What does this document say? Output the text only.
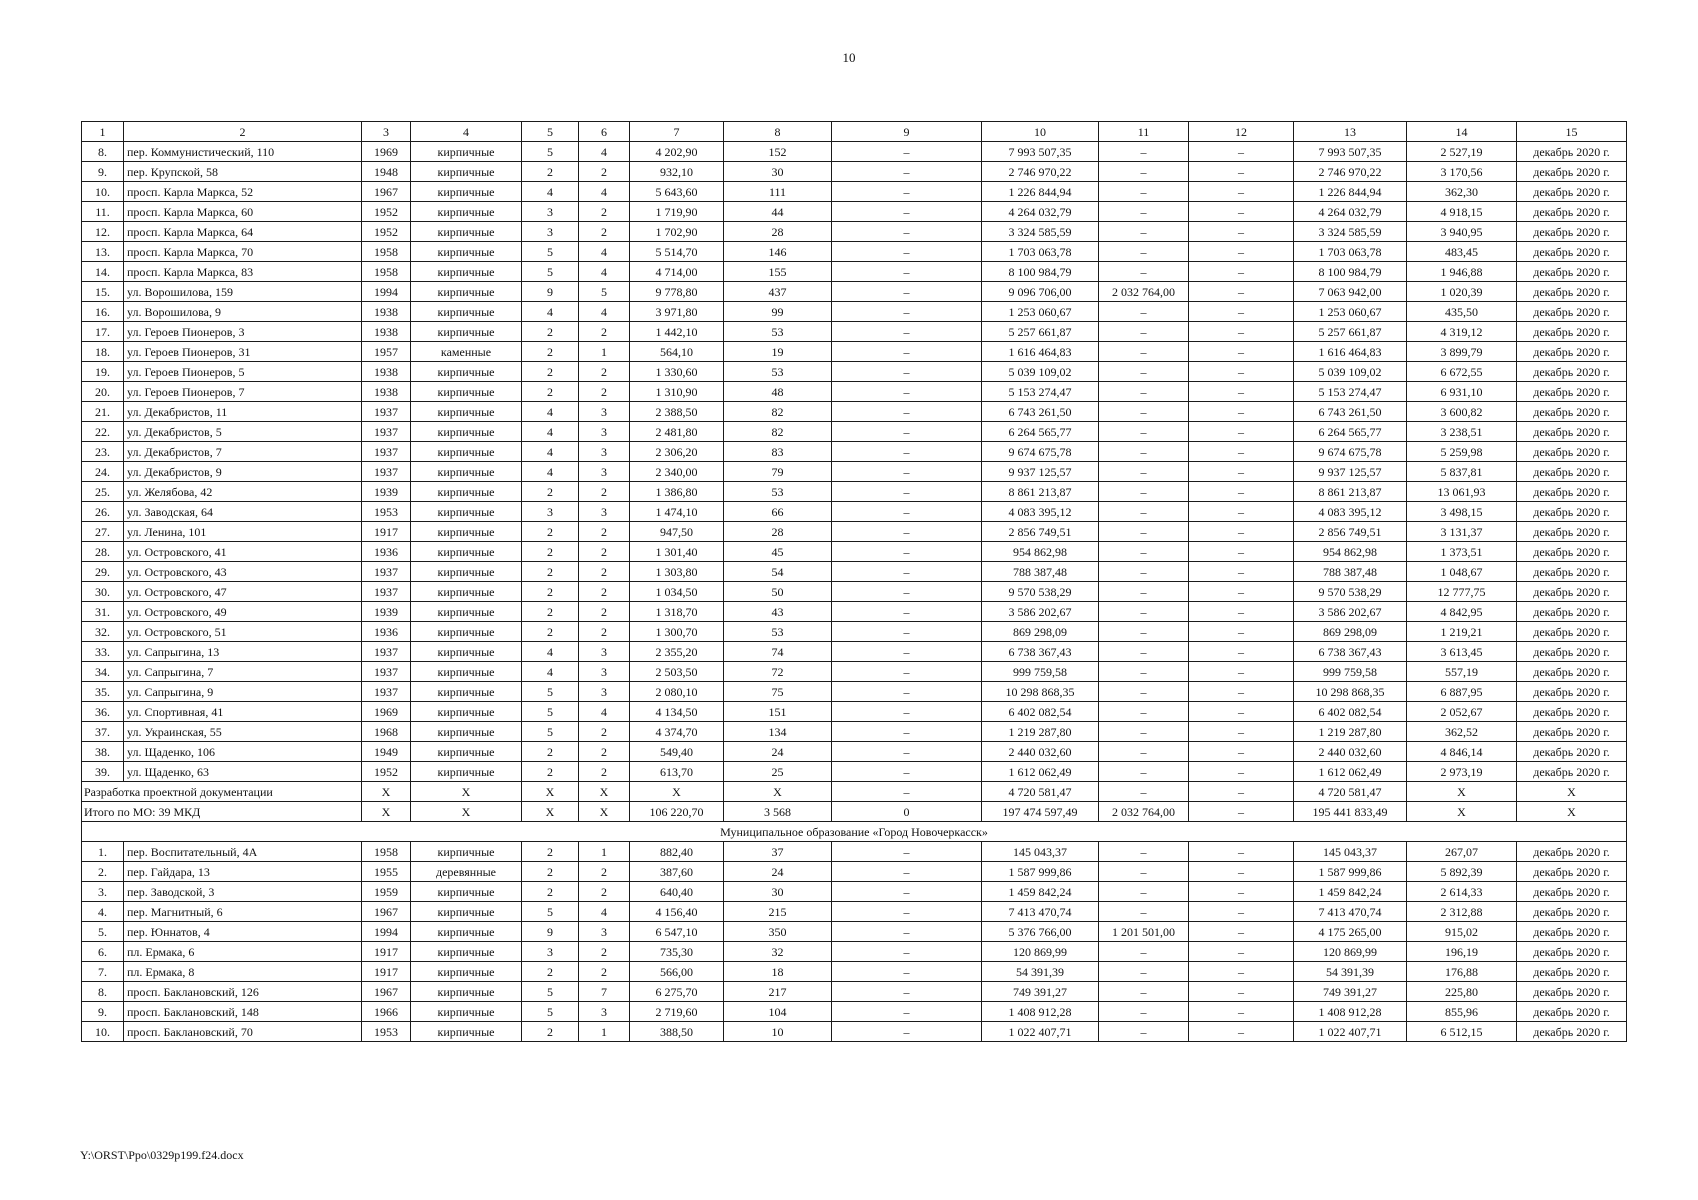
10
1	2	3	4	5	6	7	8	9	10	11	12	13	14	15
8.	пер. Коммунистический, 110	1969	кирпичные	5	4	4 202,90	152	–	7 993 507,35	–	–	7 993 507,35	2 527,19	декабрь 2020 г.
9.	пер. Крупской, 58	1948	кирпичные	2	2	932,10	30	–	2 746 970,22	–	–	2 746 970,22	3 170,56	декабрь 2020 г.
10.	просп. Карла Маркса, 52	1967	кирпичные	4	4	5 643,60	111	–	1 226 844,94	–	–	1 226 844,94	362,30	декабрь 2020 г.
11.	просп. Карла Маркса, 60	1952	кирпичные	3	2	1 719,90	44	–	4 264 032,79	–	–	4 264 032,79	4 918,15	декабрь 2020 г.
12.	просп. Карла Маркса, 64	1952	кирпичные	3	2	1 702,90	28	–	3 324 585,59	–	–	3 324 585,59	3 940,95	декабрь 2020 г.
13.	просп. Карла Маркса, 70	1958	кирпичные	5	4	5 514,70	146	–	1 703 063,78	–	–	1 703 063,78	483,45	декабрь 2020 г.
14.	просп. Карла Маркса, 83	1958	кирпичные	5	4	4 714,00	155	–	8 100 984,79	–	–	8 100 984,79	1 946,88	декабрь 2020 г.
15.	ул. Ворошилова, 159	1994	кирпичные	9	5	9 778,80	437	–	9 096 706,00	2 032 764,00	–	7 063 942,00	1 020,39	декабрь 2020 г.
16.	ул. Ворошилова, 9	1938	кирпичные	4	4	3 971,80	99	–	1 253 060,67	–	–	1 253 060,67	435,50	декабрь 2020 г.
17.	ул. Героев Пионеров, 3	1938	кирпичные	2	2	1 442,10	53	–	5 257 661,87	–	–	5 257 661,87	4 319,12	декабрь 2020 г.
18.	ул. Героев Пионеров, 31	1957	каменные	2	1	564,10	19	–	1 616 464,83	–	–	1 616 464,83	3 899,79	декабрь 2020 г.
19.	ул. Героев Пионеров, 5	1938	кирпичные	2	2	1 330,60	53	–	5 039 109,02	–	–	5 039 109,02	6 672,55	декабрь 2020 г.
20.	ул. Героев Пионеров, 7	1938	кирпичные	2	2	1 310,90	48	–	5 153 274,47	–	–	5 153 274,47	6 931,10	декабрь 2020 г.
21.	ул. Декабристов, 11	1937	кирпичные	4	3	2 388,50	82	–	6 743 261,50	–	–	6 743 261,50	3 600,82	декабрь 2020 г.
22.	ул. Декабристов, 5	1937	кирпичные	4	3	2 481,80	82	–	6 264 565,77	–	–	6 264 565,77	3 238,51	декабрь 2020 г.
23.	ул. Декабристов, 7	1937	кирпичные	4	3	2 306,20	83	–	9 674 675,78	–	–	9 674 675,78	5 259,98	декабрь 2020 г.
24.	ул. Декабристов, 9	1937	кирпичные	4	3	2 340,00	79	–	9 937 125,57	–	–	9 937 125,57	5 837,81	декабрь 2020 г.
25.	ул. Желябова, 42	1939	кирпичные	2	2	1 386,80	53	–	8 861 213,87	–	–	8 861 213,87	13 061,93	декабрь 2020 г.
26.	ул. Заводская, 64	1953	кирпичные	3	3	1 474,10	66	–	4 083 395,12	–	–	4 083 395,12	3 498,15	декабрь 2020 г.
27.	ул. Ленина, 101	1917	кирпичные	2	2	947,50	28	–	2 856 749,51	–	–	2 856 749,51	3 131,37	декабрь 2020 г.
28.	ул. Островского, 41	1936	кирпичные	2	2	1 301,40	45	–	954 862,98	–	–	954 862,98	1 373,51	декабрь 2020 г.
29.	ул. Островского, 43	1937	кирпичные	2	2	1 303,80	54	–	788 387,48	–	–	788 387,48	1 048,67	декабрь 2020 г.
30.	ул. Островского, 47	1937	кирпичные	2	2	1 034,50	50	–	9 570 538,29	–	–	9 570 538,29	12 777,75	декабрь 2020 г.
31.	ул. Островского, 49	1939	кирпичные	2	2	1 318,70	43	–	3 586 202,67	–	–	3 586 202,67	4 842,95	декабрь 2020 г.
32.	ул. Островского, 51	1936	кирпичные	2	2	1 300,70	53	–	869 298,09	–	–	869 298,09	1 219,21	декабрь 2020 г.
33.	ул. Сапрыгина, 13	1937	кирпичные	4	3	2 355,20	74	–	6 738 367,43	–	–	6 738 367,43	3 613,45	декабрь 2020 г.
34.	ул. Сапрыгина, 7	1937	кирпичные	4	3	2 503,50	72	–	999 759,58	–	–	999 759,58	557,19	декабрь 2020 г.
35.	ул. Сапрыгина, 9	1937	кирпичные	5	3	2 080,10	75	–	10 298 868,35	–	–	10 298 868,35	6 887,95	декабрь 2020 г.
36.	ул. Спортивная, 41	1969	кирпичные	5	4	4 134,50	151	–	6 402 082,54	–	–	6 402 082,54	2 052,67	декабрь 2020 г.
37.	ул. Украинская, 55	1968	кирпичные	5	2	4 374,70	134	–	1 219 287,80	–	–	1 219 287,80	362,52	декабрь 2020 г.
38.	ул. Щаденко, 106	1949	кирпичные	2	2	549,40	24	–	2 440 032,60	–	–	2 440 032,60	4 846,14	декабрь 2020 г.
39.	ул. Щаденко, 63	1952	кирпичные	2	2	613,70	25	–	1 612 062,49	–	–	1 612 062,49	2 973,19	декабрь 2020 г.
Разработка проектной документации		X	X	X	X	X	X	–	4 720 581,47	–	–	4 720 581,47	X	X
Итого по МО: 39 МКД		X	X	X	X	106 220,70	3 568	0	197 474 597,49	2 032 764,00	–	195 441 833,49	X	X
Муниципальное образование «Город Новочеркасск»														
1.	пер. Воспитательный, 4А	1958	кирпичные	2	1	882,40	37	–	145 043,37	–	–	145 043,37	267,07	декабрь 2020 г.
2.	пер. Гайдара, 13	1955	деревянные	2	2	387,60	24	–	1 587 999,86	–	–	1 587 999,86	5 892,39	декабрь 2020 г.
3.	пер. Заводской, 3	1959	кирпичные	2	2	640,40	30	–	1 459 842,24	–	–	1 459 842,24	2 614,33	декабрь 2020 г.
4.	пер. Магнитный, 6	1967	кирпичные	5	4	4 156,40	215	–	7 413 470,74	–	–	7 413 470,74	2 312,88	декабрь 2020 г.
5.	пер. Юннатов, 4	1994	кирпичные	9	3	6 547,10	350	–	5 376 766,00	1 201 501,00	–	4 175 265,00	915,02	декабрь 2020 г.
6.	пл. Ермака, 6	1917	кирпичные	3	2	735,30	32	–	120 869,99	–	–	120 869,99	196,19	декабрь 2020 г.
7.	пл. Ермака, 8	1917	кирпичные	2	2	566,00	18	–	54 391,39	–	–	54 391,39	176,88	декабрь 2020 г.
8.	просп. Баклановский, 126	1967	кирпичные	5	7	6 275,70	217	–	749 391,27	–	–	749 391,27	225,80	декабрь 2020 г.
9.	просп. Баклановский, 148	1966	кирпичные	5	3	2 719,60	104	–	1 408 912,28	–	–	1 408 912,28	855,96	декабрь 2020 г.
10.	просп. Баклановский, 70	1953	кирпичные	2	1	388,50	10	–	1 022 407,71	–	–	1 022 407,71	6 512,15	декабрь 2020 г.
Y:\ORST\Ppo\0329p199.f24.docx
